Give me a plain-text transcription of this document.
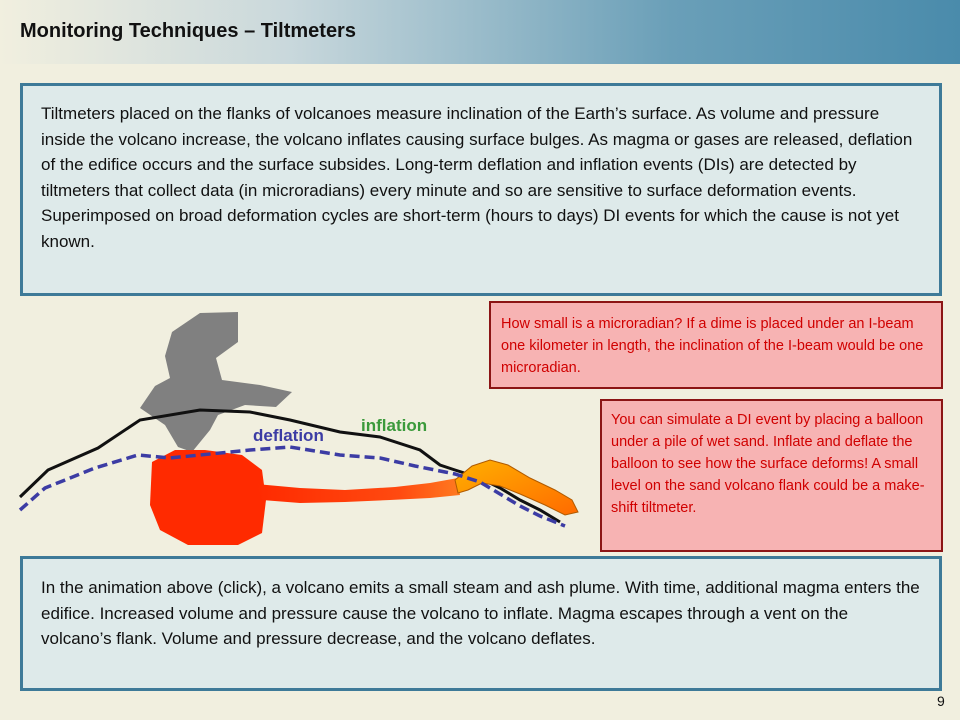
Monitoring Techniques – Tiltmeters
Tiltmeters placed on the flanks of volcanoes measure inclination of the Earth’s surface. As volume and pressure inside the volcano increase, the volcano inflates causing surface bulges. As magma or gases are released, deflation of the edifice occurs and the surface subsides. Long-term deflation and inflation events (DIs) are detected by tiltmeters that collect data (in microradians) every minute and so are sensitive to surface deformation events. Superimposed on broad deformation cycles are short-term (hours to days) DI events for which the cause is not yet known.
How small is a microradian? If a dime is placed under an I-beam one kilometer in length, the inclination of the I-beam would be one microradian.
deflation
inflation	You can simulate a DI event by placing a balloon under a pile of wet sand. Inflate and deflate the balloon to see how the surface deforms! A small level on the sand volcano flank could be a make-shift tiltmeter.
In the animation above (click), a volcano emits a small steam and ash plume. With time, additional magma enters the edifice. Increased volume and pressure cause the volcano to inflate. Magma escapes through a vent on the volcano’s flank. Volume and pressure decrease, and the volcano deflates.
9
